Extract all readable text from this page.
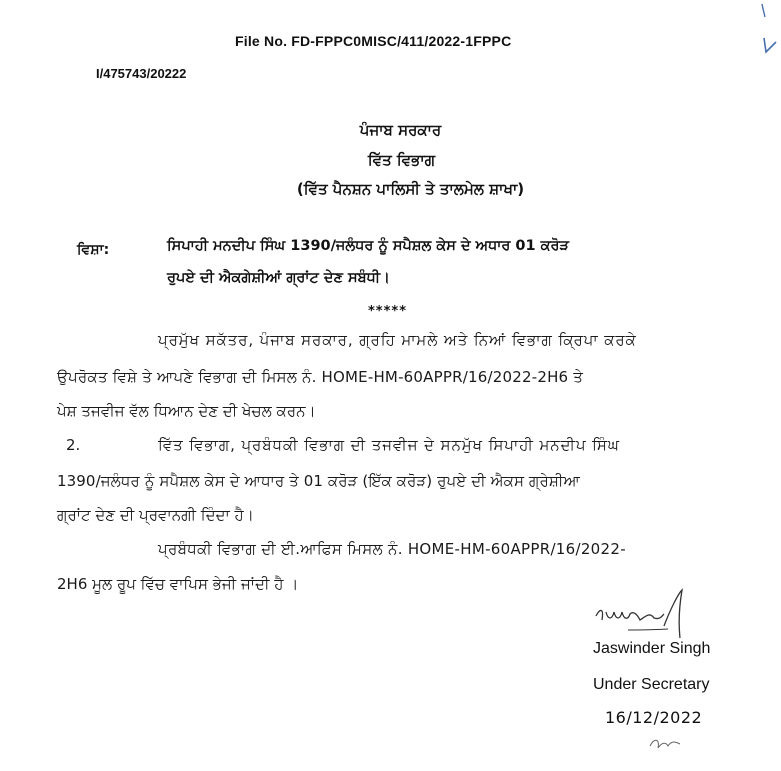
File No. FD-FPPC0MISC/411/2022-1FPPC
I/475743/20222
ਪੰਜਾਬ ਸਰਕਾਰ
ਵਿੱਤ ਵਿਭਾਗ
(ਵਿੱਤ ਪੈਨਸ਼ਨ ਪਾਲਿਸੀ ਤੇ ਤਾਲਮੇਲ ਸ਼ਾਖਾ)
ਵਿਸ਼ਾ:	ਸਿਪਾਹੀ ਮਨਦੀਪ ਸਿੰਘ 1390/ਜਲੰਧਰ ਨੂੰ ਸਪੈਸ਼ਲ ਕੇਸ ਦੇ ਅਧਾਰ 01 ਕਰੋੜ
ਰੁਪਏ ਦੀ ਐਕਗੇਸ਼ੀਆਂ ਗ੍ਰਾਂਟ ਦੇਣ ਸਬੰਧੀ।
*****
ਪ੍ਰਮੁੱਖ ਸਕੱਤਰ, ਪੰਜਾਬ ਸਰਕਾਰ, ਗ੍ਰਹਿ ਮਾਮਲੇ ਅਤੇ ਨਿਆਂ ਵਿਭਾਗ ਕ੍ਰਿਪਾ ਕਰਕੇ
ਉਪਰੋਕਤ ਵਿਸ਼ੇ ਤੇ ਆਪਣੇ ਵਿਭਾਗ ਦੀ ਮਿਸਲ ਨੰ. HOME-HM-60APPR/16/2022-2H6 ਤੇ
ਪੇਸ਼ ਤਜਵੀਜ ਵੱਲ ਧਿਆਨ ਦੇਣ ਦੀ ਖੇਚਲ ਕਰਨ।
2.	ਵਿੱਤ ਵਿਭਾਗ, ਪ੍ਰਬੰਧਕੀ ਵਿਭਾਗ ਦੀ ਤਜਵੀਜ ਦੇ ਸਨਮੁੱਖ ਸਿਪਾਹੀ ਮਨਦੀਪ ਸਿੰਘ
1390/ਜਲੰਧਰ ਨੂੰ ਸਪੈਸ਼ਲ ਕੇਸ ਦੇ ਆਧਾਰ ਤੇ 01 ਕਰੋੜ (ਇੱਕ ਕਰੋੜ) ਰੁਪਏ ਦੀ ਐਕਸ ਗ੍ਰੇਸ਼ੀਆ
ਗ੍ਰਾਂਟ ਦੇਣ ਦੀ ਪ੍ਰਵਾਨਗੀ ਦਿੰਦਾ ਹੈ।
ਪ੍ਰਬੰਧਕੀ ਵਿਭਾਗ ਦੀ ਈ.ਆਫਿਸ ਮਿਸਲ ਨੰ. HOME-HM-60APPR/16/2022-
2H6 ਮੂਲ ਰੂਪ ਵਿੱਚ ਵਾਪਿਸ ਭੇਜੀ ਜਾਂਦੀ ਹੈ ।
Jaswinder Singh
Under Secretary
16/12/2022
